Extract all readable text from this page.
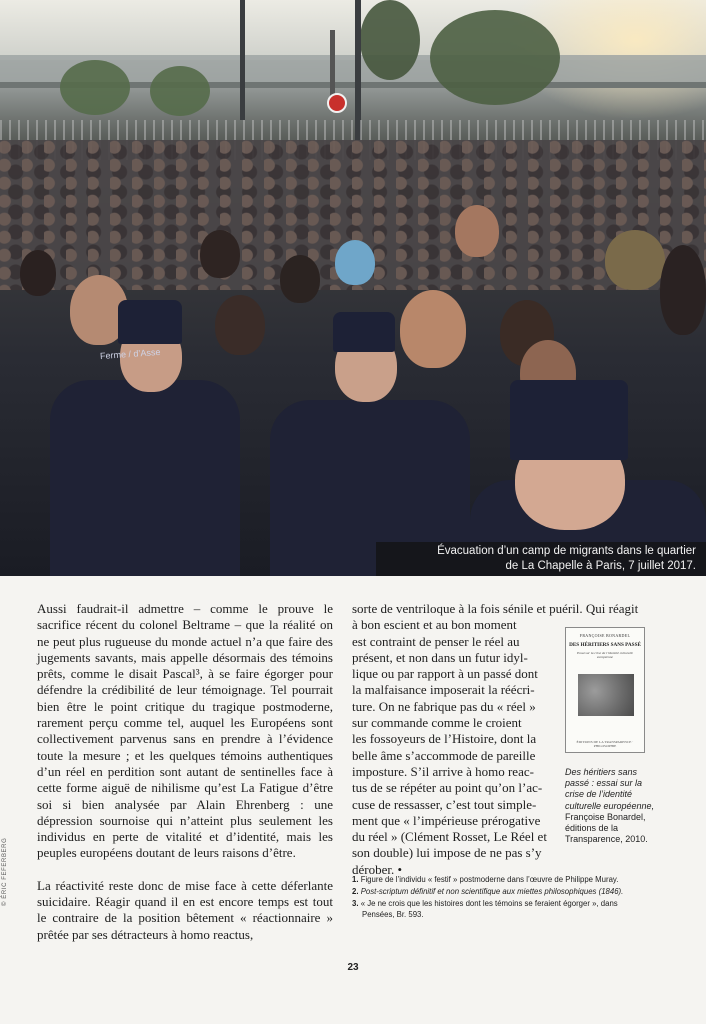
Ferme / d’Asse
Évacuation d’un camp de migrants dans le quartier
de La Chapelle à Paris, 7 juillet 2017.

Aussi faudrait-il admettre – comme le prouve le sacrifice récent du colonel Beltrame – que la réalité on ne peut plus rugueuse du monde actuel n’a que faire des jugements savants, mais appelle désormais des témoins prêts, comme le disait Pascal³, à se faire égorger pour défendre la crédibilité de leur témoignage. Tel pourrait bien être le point critique du tragique postmoderne, rarement perçu comme tel, auquel les Européens sont collectivement parvenus sans en prendre à l’évidence toute la mesure ; et les quelques témoins authentiques d’un réel en perdition sont autant de sentinelles face à cette forme aiguë de nihilisme qu’est La Fatigue d’être soi si bien analysée par Alain Ehrenberg : une dépression sournoise qui n’atteint plus seulement les individus en perte de vitalité et d’identité, mais les peuples européens doutant de leurs raisons d’être.

La réactivité reste donc de mise face à cette déferlante suicidaire. Réagir quand il en est encore temps est tout le contraire de la position bêtement « réactionnaire » prêtée par ses détracteurs à homo reactus,

sorte de ventriloque à la fois sénile et puéril. Qui réagit
à bon escient et au bon moment
est contraint de penser le réel au
présent, et non dans un futur idyl-
lique ou par rapport à un passé dont
la malfaisance imposerait la réécri-
ture. On ne fabrique pas du « réel »
sur commande comme le croient
les fossoyeurs de l’Histoire, dont la
belle âme s’accommode de pareille
imposture. S’il arrive à homo reac-
tus de se répéter au point qu’on l’ac-
cuse de ressasser, c’est tout simple-
ment que « l’impérieuse prérogative
du réel » (Clément Rosset, Le Réel et
son double) lui impose de ne pas s’y
dérober. •
FRANÇOISE BONARDEL
DES HÉRITIERS SANS PASSÉ
Essai sur la crise de l’identité culturelle européenne
ÉDITIONS DE LA TRANSPARENCE · PHILOSOPHIE
Des héritiers sans passé : essai sur la crise de l’identité culturelle européenne, Françoise Bonardel, éditions de la Transparence, 2010.
© ÉRIC FEFERBERG	1. Figure de l’individu « festif » postmoderne dans l’œuvre de Philippe Muray.
2. Post-scriptum définitif et non scientifique aux miettes philosophiques (1846).
3. « Je ne crois que les histoires dont les témoins se feraient égorger », dans Pensées, Br. 593.
23
